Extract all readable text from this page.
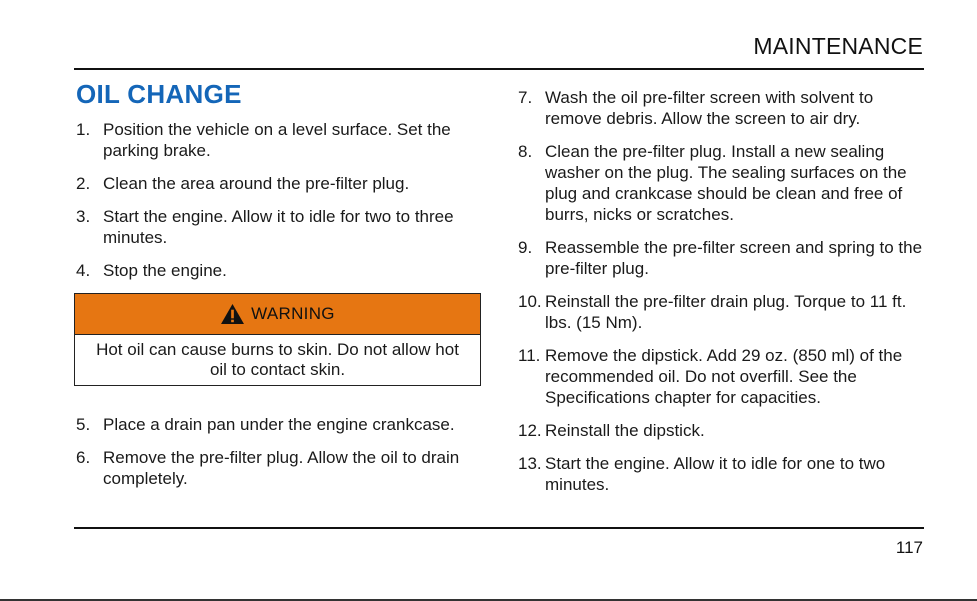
MAINTENANCE
OIL CHANGE
1. Position the vehicle on a level surface. Set the parking brake.
2. Clean the area around the pre-filter plug.
3. Start the engine. Allow it to idle for two to three minutes.
4. Stop the engine.
WARNING
Hot oil can cause burns to skin. Do not allow hot oil to contact skin.
5. Place a drain pan under the engine crankcase.
6. Remove the pre-filter plug. Allow the oil to drain completely.
7. Wash the oil pre-filter screen with solvent to remove debris. Allow the screen to air dry.
8. Clean the pre-filter plug. Install a new sealing washer on the plug. The sealing surfaces on the plug and crankcase should be clean and free of burrs, nicks or scratches.
9. Reassemble the pre-filter screen and spring to the pre-filter plug.
10. Reinstall the pre-filter drain plug. Torque to 11 ft. lbs. (15 Nm).
11. Remove the dipstick. Add 29 oz. (850 ml) of the recommended oil. Do not overfill. See the Specifications chapter for capacities.
12. Reinstall the dipstick.
13. Start the engine. Allow it to idle for one to two minutes.
117
